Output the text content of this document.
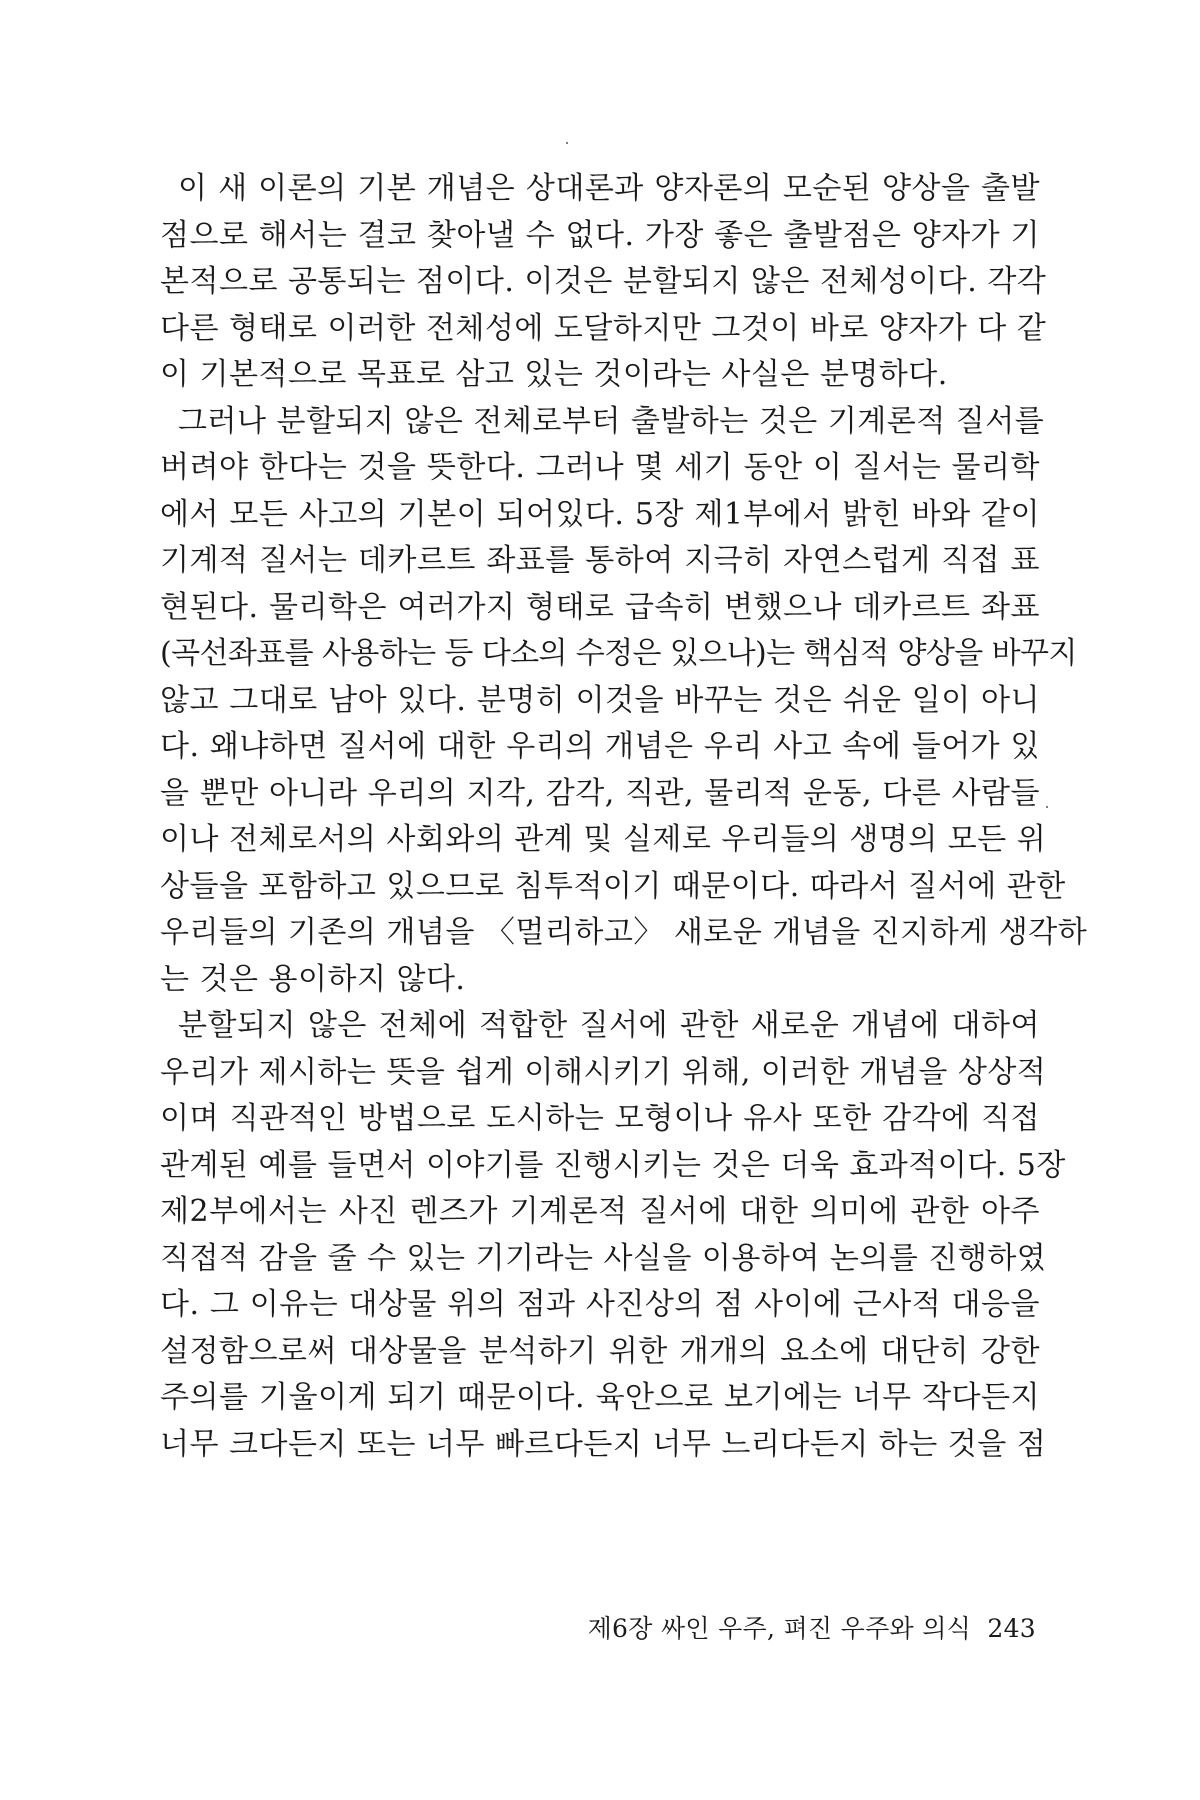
이 새 이론의 기본 개념은 상대론과 양자론의 모순된 양상을 출발
점으로 해서는 결코 찾아낼 수 없다. 가장 좋은 출발점은 양자가 기
본적으로 공통되는 점이다. 이것은 분할되지 않은 전체성이다. 각각
다른 형태로 이러한 전체성에 도달하지만 그것이 바로 양자가 다 같
이 기본적으로 목표로 삼고 있는 것이라는 사실은 분명하다.
그러나 분할되지 않은 전체로부터 출발하는 것은 기계론적 질서를
버려야 한다는 것을 뜻한다. 그러나 몇 세기 동안 이 질서는 물리학
에서 모든 사고의 기본이 되어있다. 5장 제1부에서 밝힌 바와 같이
기계적 질서는 데카르트 좌표를 통하여 지극히 자연스럽게 직접 표
현된다. 물리학은 여러가지 형태로 급속히 변했으나 데카르트 좌표
(곡선좌표를 사용하는 등 다소의 수정은 있으나)는 핵심적 양상을 바꾸지
않고 그대로 남아 있다. 분명히 이것을 바꾸는 것은 쉬운 일이 아니
다. 왜냐하면 질서에 대한 우리의 개념은 우리 사고 속에 들어가 있
을 뿐만 아니라 우리의 지각, 감각, 직관, 물리적 운동, 다른 사람들
이나 전체로서의 사회와의 관계 및 실제로 우리들의 생명의 모든 위
상들을 포함하고 있으므로 침투적이기 때문이다. 따라서 질서에 관한
우리들의 기존의 개념을 〈멀리하고〉 새로운 개념을 진지하게 생각하
는 것은 용이하지 않다.
분할되지 않은 전체에 적합한 질서에 관한 새로운 개념에 대하여
우리가 제시하는 뜻을 쉽게 이해시키기 위해, 이러한 개념을 상상적
이며 직관적인 방법으로 도시하는 모형이나 유사 또한 감각에 직접
관계된 예를 들면서 이야기를 진행시키는 것은 더욱 효과적이다. 5장
제2부에서는 사진 렌즈가 기계론적 질서에 대한 의미에 관한 아주
직접적 감을 줄 수 있는 기기라는 사실을 이용하여 논의를 진행하였
다. 그 이유는 대상물 위의 점과 사진상의 점 사이에 근사적 대응을
설정함으로써 대상물을 분석하기 위한 개개의 요소에 대단히 강한
주의를 기울이게 되기 때문이다. 육안으로 보기에는 너무 작다든지
너무 크다든지 또는 너무 빠르다든지 너무 느리다든지 하는 것을 점
제6장 싸인 우주, 펴진 우주와 의식 243
